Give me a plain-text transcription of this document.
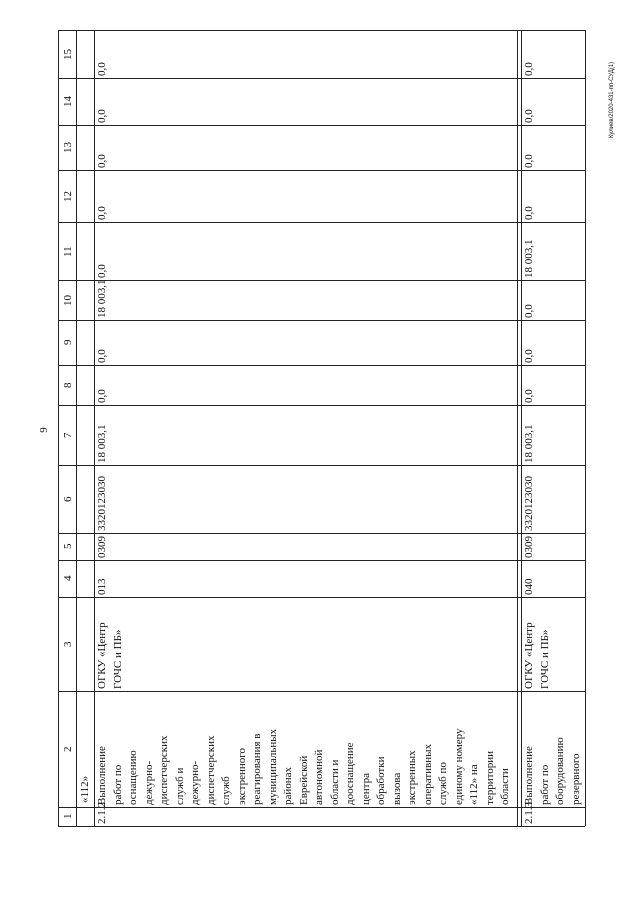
9
Кулиев/2020-431-пп-СУД(1)
1
2
3
4
5
6
7
8
9
10
11
12
13
14
15
«112»
2.1.2
Выполнение
работ по
оснащению
дежурно-
диспетчерских
служб и
дежурно-
диспетчерских
служб
экстренного
реагирования в
муниципальных
районах
Еврейской
автономной
области и
дооснащение
центра
обработки
вызова
экстренных
оперативных
служб по
единому номеру
«112» на
территории
области
ОГКУ «Центр
ГОЧС и ПБ»
013
0309
3320123030
18 003,1
0,0
0,0
18 003,1
0,0
0,0
0,0
0,0
0,0
2.1.3
Выполнение
работ по
оборудованию
резервного
ОГКУ «Центр
ГОЧС и ПБ»
040
0309
3320123030
18 003,1
0,0
0,0
0,0
18 003,1
0,0
0,0
0,0
0,0
